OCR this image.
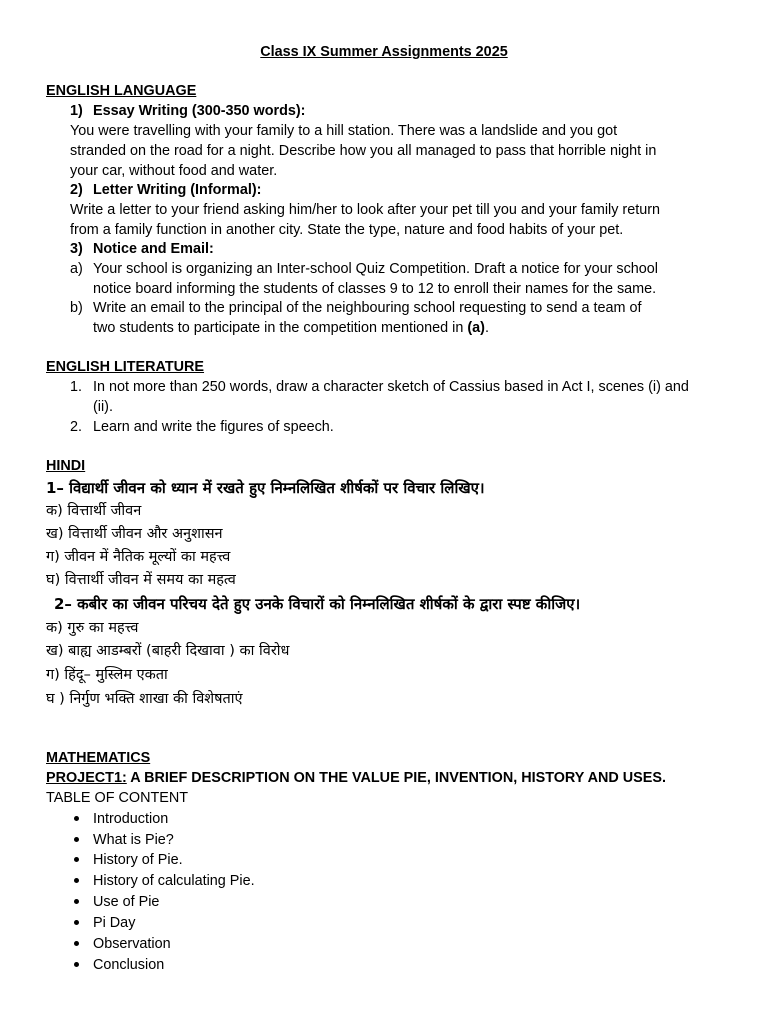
Class IX Summer Assignments 2025
ENGLISH LANGUAGE
1) Essay Writing (300-350 words):
You were travelling with your family to a hill station. There was a landslide and you got
stranded on the road for a night. Describe how you all managed to pass that horrible night in
your car, without food and water.
2) Letter Writing (Informal):
Write a letter to your friend asking him/her to look after your pet till you and your family return
from a family function in another city. State the type, nature and food habits of your pet.
3) Notice and Email:
a) Your school is organizing an Inter-school Quiz Competition. Draft a notice for your school
notice board informing the students of classes 9 to 12 to enroll their names for the same.
b) Write an email to the principal of the neighbouring school requesting to send a team of
two students to participate in the competition mentioned in (a).
ENGLISH LITERATURE
1. In not more than 250 words, draw a character sketch of Cassius based in Act I, scenes (i) and
(ii).
2. Learn and write the figures of speech.
HINDI
1– विद्यार्थी जीवन को ध्यान में रखते हुए निम्नलिखित शीर्षकों पर विचार लिखिए।
क) वित्तार्थी जीवन
ख) वित्तार्थी जीवन और अनुशासन
ग) जीवन में नैतिक मूल्यों का महत्त्व
घ) वित्तार्थी जीवन में समय का महत्व
2– कबीर का जीवन परिचय देते हुए उनके विचारों को निम्नलिखित शीर्षकों के द्वारा स्पष्ट कीजिए।
क) गुरु का महत्त्व
ख) बाह्य आडम्बरों (बाहरी दिखावा ) का विरोध
ग) हिंदू– मुस्लिम एकता
घ ) निर्गुण भक्ति शाखा की विशेषताएं
MATHEMATICS
PROJECT1: A BRIEF DESCRIPTION ON THE VALUE PIE, INVENTION, HISTORY AND USES.
TABLE OF CONTENT
Introduction
What is Pie?
History of Pie.
History of calculating Pie.
Use of Pie
Pi Day
Observation
Conclusion
